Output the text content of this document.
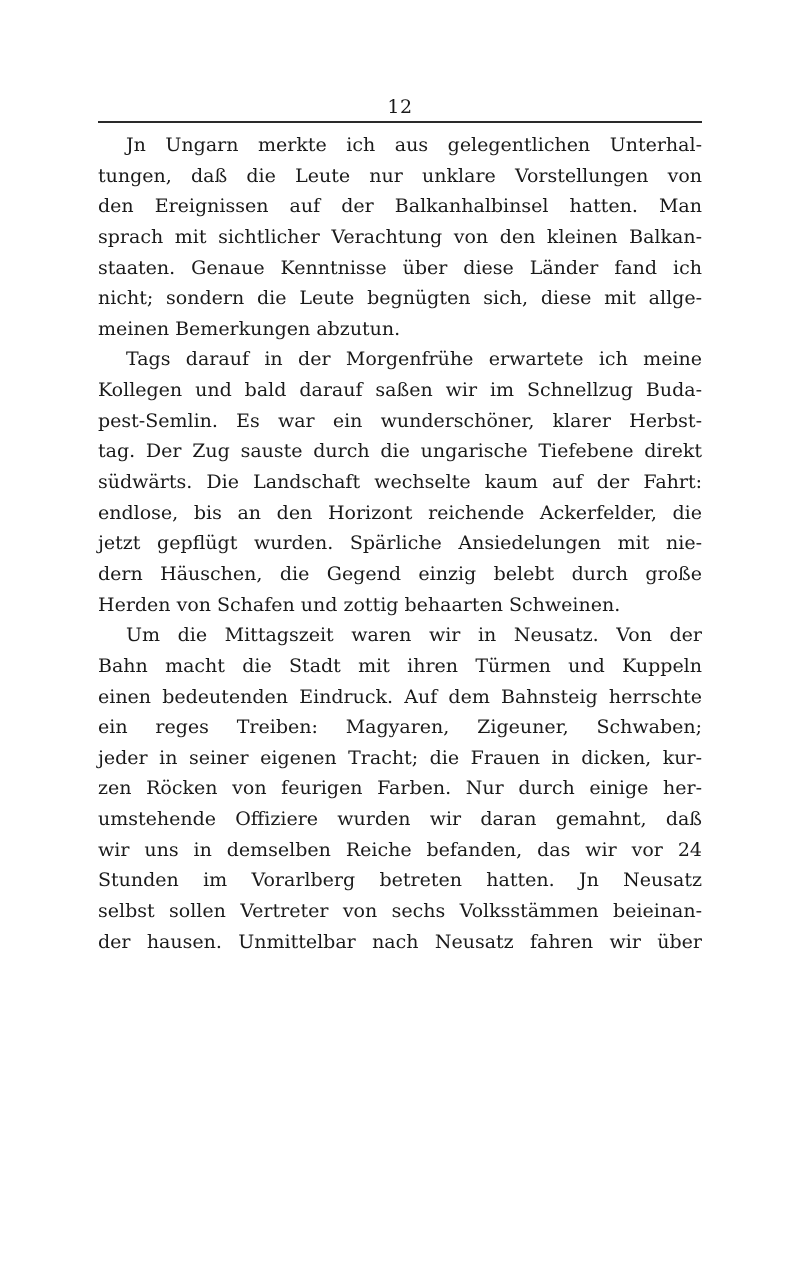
12
Jn Ungarn merkte ich aus gelegentlichen Unterhal-
tungen, daß die Leute nur unklare Vorstellungen von
den Ereignissen auf der Balkanhalbinsel hatten. Man
sprach mit sichtlicher Verachtung von den kleinen Balkan-
staaten. Genaue Kenntnisse über diese Länder fand ich
nicht; sondern die Leute begnügten sich, diese mit allge-
meinen Bemerkungen abzutun.
Tags darauf in der Morgenfrühe erwartete ich meine
Kollegen und bald darauf saßen wir im Schnellzug Buda-
pest-Semlin. Es war ein wunderschöner, klarer Herbst-
tag. Der Zug sauste durch die ungarische Tiefebene direkt
südwärts. Die Landschaft wechselte kaum auf der Fahrt:
endlose, bis an den Horizont reichende Ackerfelder, die
jetzt gepflügt wurden. Spärliche Ansiedelungen mit nie-
dern Häuschen, die Gegend einzig belebt durch große
Herden von Schafen und zottig behaarten Schweinen.
Um die Mittagszeit waren wir in Neusatz. Von der
Bahn macht die Stadt mit ihren Türmen und Kuppeln
einen bedeutenden Eindruck. Auf dem Bahnsteig herrschte
ein reges Treiben: Magyaren, Zigeuner, Schwaben;
jeder in seiner eigenen Tracht; die Frauen in dicken, kur-
zen Röcken von feurigen Farben. Nur durch einige her-
umstehende Offiziere wurden wir daran gemahnt, daß
wir uns in demselben Reiche befanden, das wir vor 24
Stunden im Vorarlberg betreten hatten. Jn Neusatz
selbst sollen Vertreter von sechs Volksstämmen beieinan-
der hausen. Unmittelbar nach Neusatz fahren wir über
